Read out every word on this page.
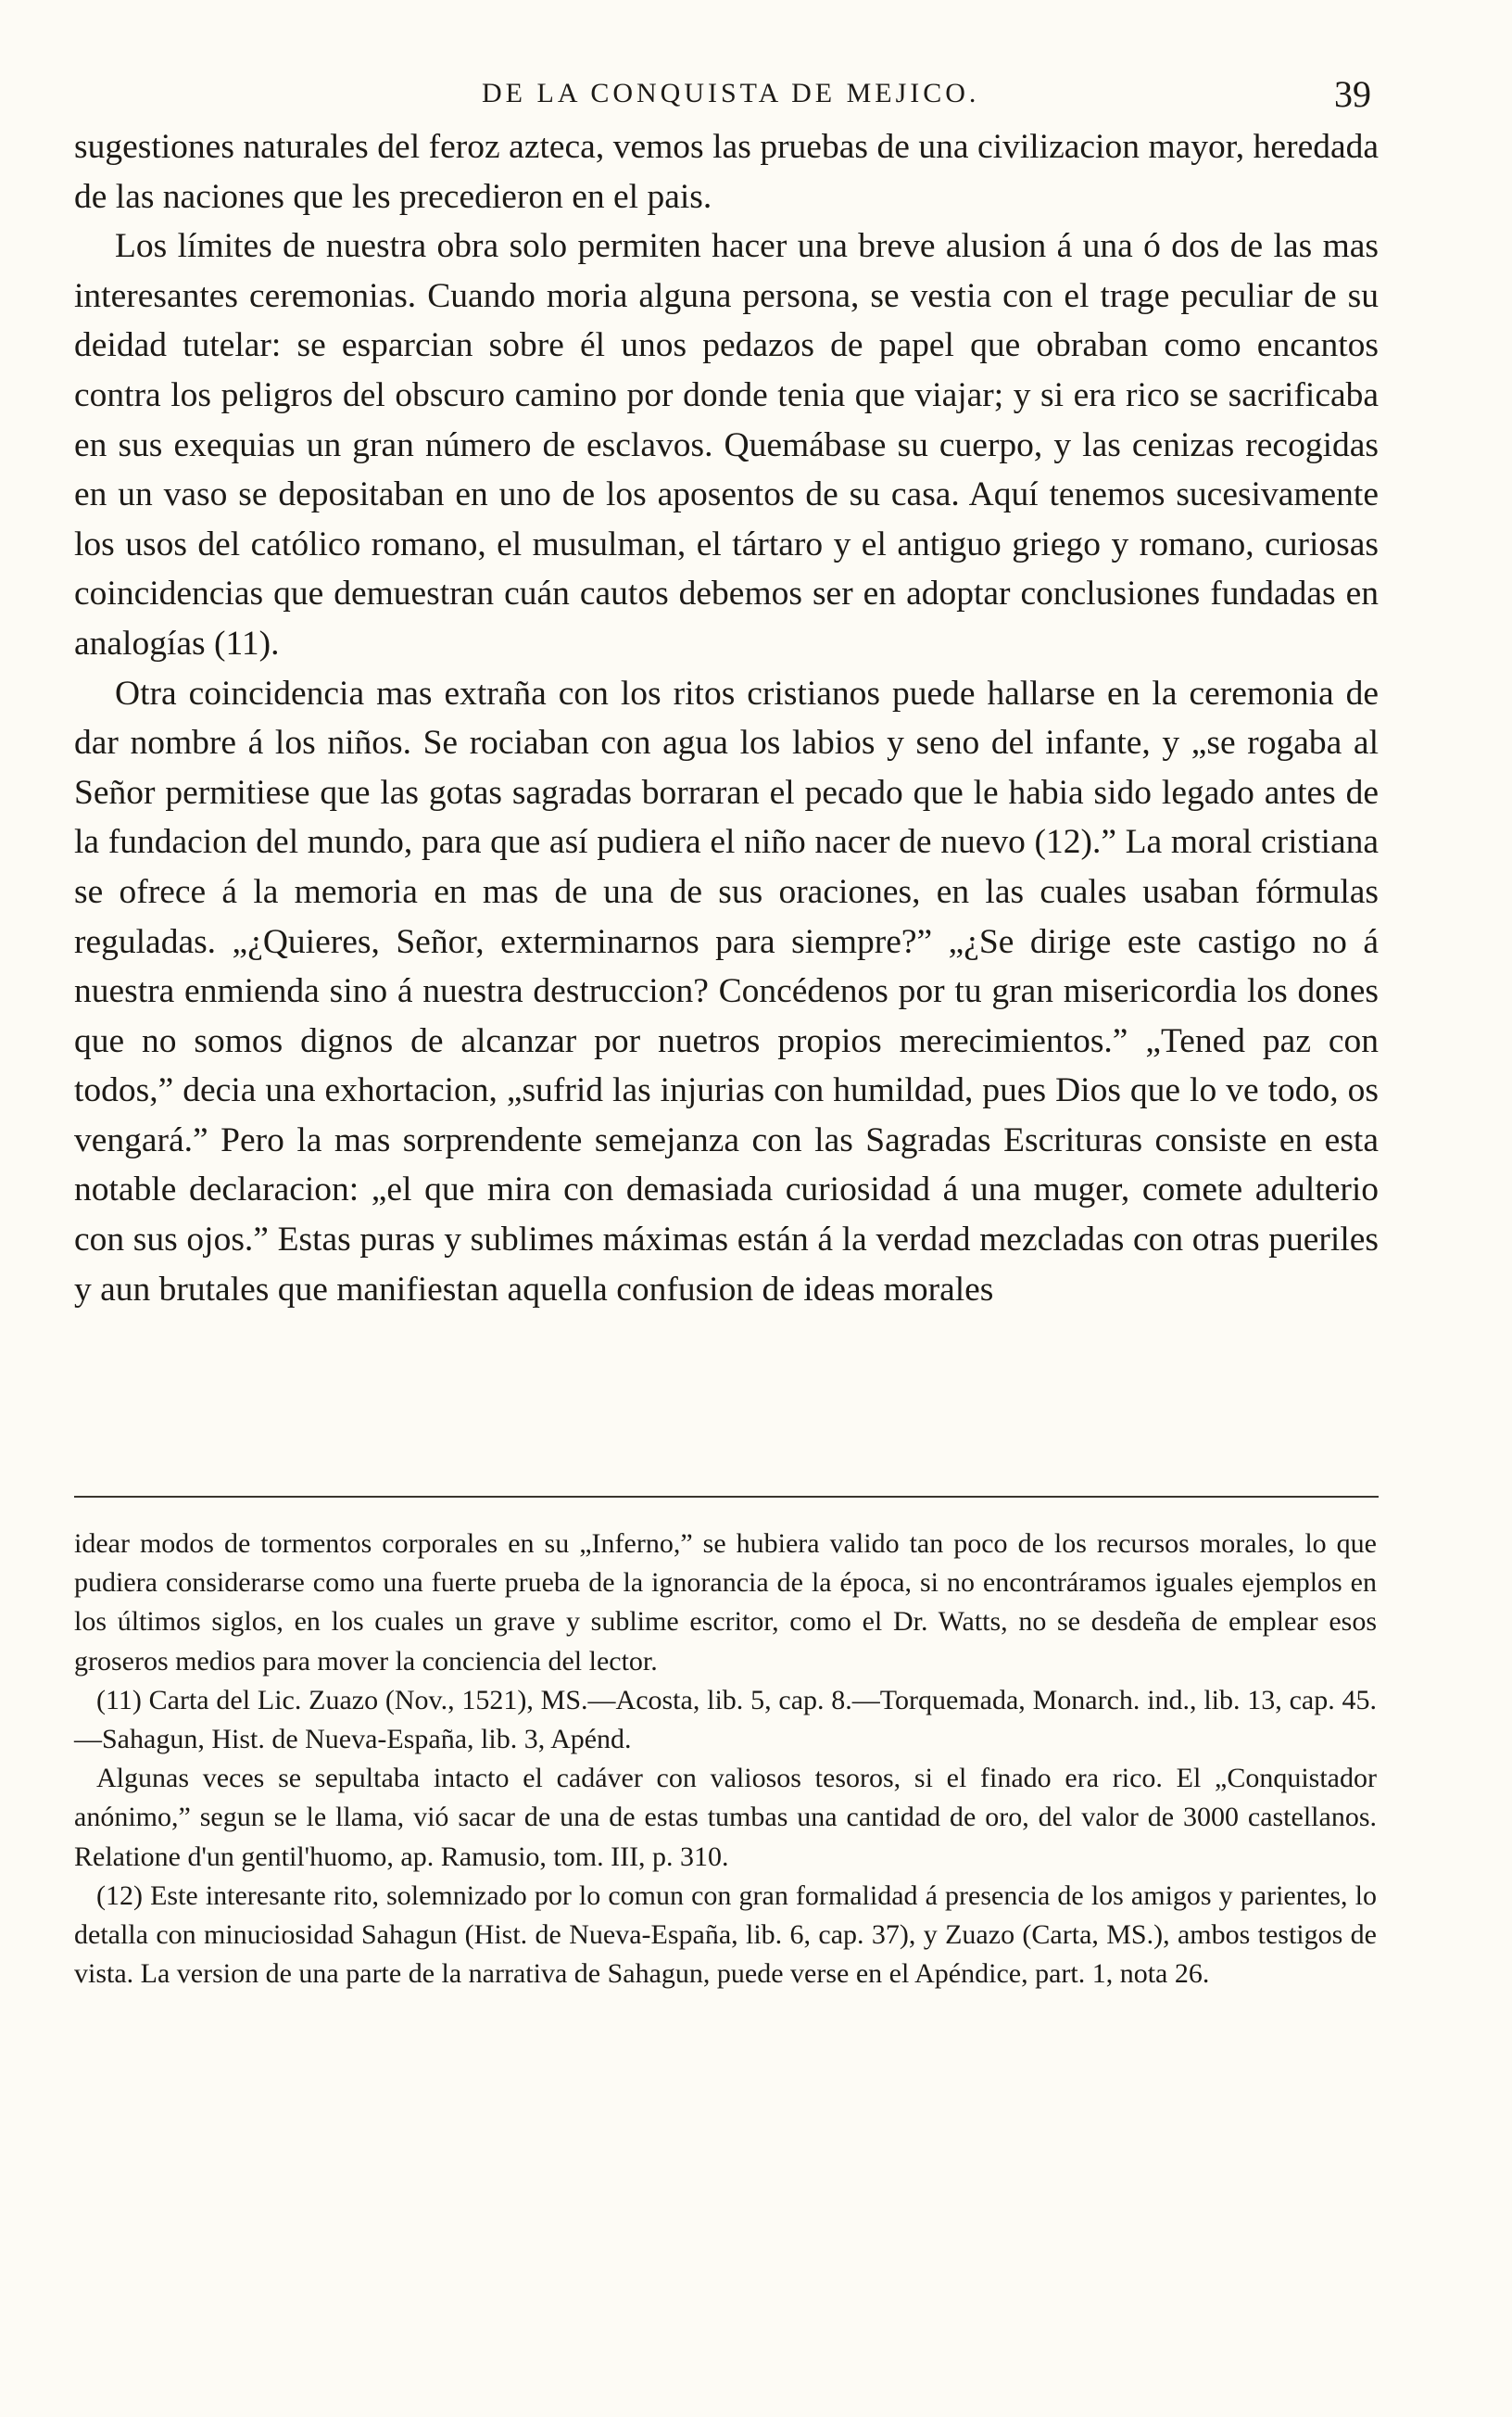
DE LA CONQUISTA DE MEJICO.	39

sugestiones naturales del feroz azteca, vemos las pruebas de una civilizacion mayor, heredada de las naciones que les precedieron en el pais.

Los límites de nuestra obra solo permiten hacer una breve alusion á una ó dos de las mas interesantes ceremonias. Cuando moria alguna persona, se vestia con el trage peculiar de su deidad tutelar: se esparcian sobre él unos pedazos de papel que obraban como encantos contra los peligros del obscuro camino por donde tenia que viajar; y si era rico se sacrificaba en sus exequias un gran número de esclavos. Quemábase su cuerpo, y las cenizas recogidas en un vaso se depositaban en uno de los aposentos de su casa. Aquí tenemos sucesivamente los usos del católico romano, el musulman, el tártaro y el antiguo griego y romano, curiosas coincidencias que demuestran cuán cautos debemos ser en adoptar conclusiones fundadas en analogías (11).

Otra coincidencia mas extraña con los ritos cristianos puede hallarse en la ceremonia de dar nombre á los niños. Se rociaban con agua los labios y seno del infante, y „se rogaba al Señor permitiese que las gotas sagradas borraran el pecado que le habia sido legado antes de la fundacion del mundo, para que así pudiera el niño nacer de nuevo (12).” La moral cristiana se ofrece á la memoria en mas de una de sus oraciones, en las cuales usaban fórmulas reguladas. „¿Quieres, Señor, exterminarnos para siempre?” „¿Se dirige este castigo no á nuestra enmienda sino á nuestra destruccion? Concédenos por tu gran misericordia los dones que no somos dignos de alcanzar por nuetros propios merecimientos.” „Tened paz con todos,” decia una exhortacion, „sufrid las injurias con humildad, pues Dios que lo ve todo, os vengará.” Pero la mas sorprendente semejanza con las Sagradas Escrituras consiste en esta notable declaracion: „el que mira con demasiada curiosidad á una muger, comete adulterio con sus ojos.” Estas puras y sublimes máximas están á la verdad mezcladas con otras pueriles y aun brutales que manifiestan aquella confusion de ideas morales

idear modos de tormentos corporales en su „Inferno,” se hubiera valido tan poco de los recursos morales, lo que pudiera considerarse como una fuerte prueba de la ignorancia de la época, si no encontráramos iguales ejemplos en los últimos siglos, en los cuales un grave y sublime escritor, como el Dr. Watts, no se desdeña de emplear esos groseros medios para mover la conciencia del lector.

(11) Carta del Lic. Zuazo (Nov., 1521), MS.—Acosta, lib. 5, cap. 8.—Torquemada, Monarch. ind., lib. 13, cap. 45.—Sahagun, Hist. de Nueva-España, lib. 3, Apénd.

Algunas veces se sepultaba intacto el cadáver con valiosos tesoros, si el finado era rico. El „Conquistador anónimo,” segun se le llama, vió sacar de una de estas tumbas una cantidad de oro, del valor de 3000 castellanos. Relatione d'un gentil'huomo, ap. Ramusio, tom. III, p. 310.

(12) Este interesante rito, solemnizado por lo comun con gran formalidad á presencia de los amigos y parientes, lo detalla con minuciosidad Sahagun (Hist. de Nueva-España, lib. 6, cap. 37), y Zuazo (Carta, MS.), ambos testigos de vista. La version de una parte de la narrativa de Sahagun, puede verse en el Apéndice, part. 1, nota 26.
